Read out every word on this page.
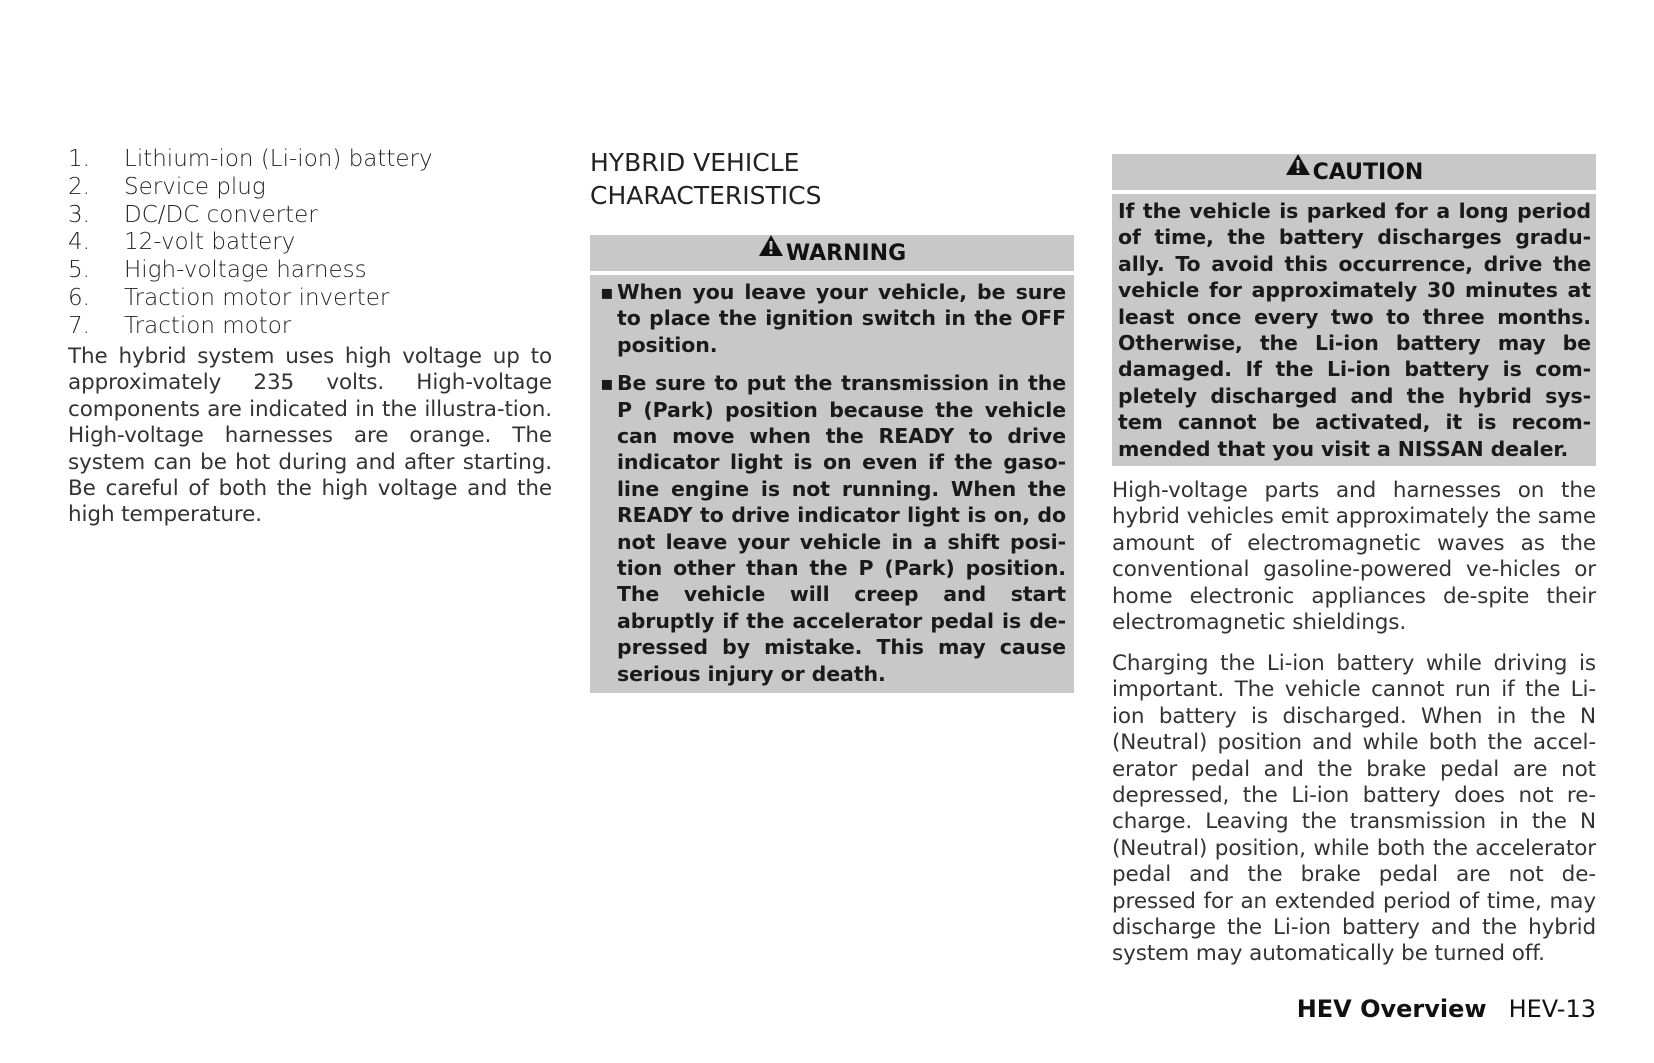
1.	Lithium-ion (Li-ion) battery
2.	Service plug
3.	DC/DC converter
4.	12-volt battery
5.	High-voltage harness
6.	Traction motor inverter
7.	Traction motor

The hybrid system uses high voltage up to approximately 235 volts. High-voltage components are indicated in the illustra-tion. High-voltage harnesses are orange. The system can be hot during and after starting. Be careful of both the high voltage and the high temperature.

HYBRID VEHICLE
CHARACTERISTICS
WARNING
▪ When you leave your vehicle, be sure to place the ignition switch in the OFF position.
▪ Be sure to put the transmission in the P (Park) position because the vehicle can move when the READY to drive indicator light is on even if the gaso-line engine is not running. When the READY to drive indicator light is on, do not leave your vehicle in a shift posi-tion other than the P (Park) position. The vehicle will creep and start abruptly if the accelerator pedal is de-pressed by mistake. This may cause serious injury or death.
CAUTION
If the vehicle is parked for a long period of time, the battery discharges gradu-ally. To avoid this occurrence, drive the vehicle for approximately 30 minutes at least once every two to three months. Otherwise, the Li-ion battery may be damaged. If the Li-ion battery is com-pletely discharged and the hybrid sys-tem cannot be activated, it is recom-mended that you visit a NISSAN dealer.

High-voltage parts and harnesses on the hybrid vehicles emit approximately the same amount of electromagnetic waves as the conventional gasoline-powered ve-hicles or home electronic appliances de-spite their electromagnetic shieldings.

Charging the Li-ion battery while driving is important. The vehicle cannot run if the Li-ion battery is discharged. When in the N (Neutral) position and while both the accel-erator pedal and the brake pedal are not depressed, the Li-ion battery does not re-charge. Leaving the transmission in the N (Neutral) position, while both the accelerator pedal and the brake pedal are not de-pressed for an extended period of time, may discharge the Li-ion battery and the hybrid system may automatically be turned off.

HEV Overview HEV-13
